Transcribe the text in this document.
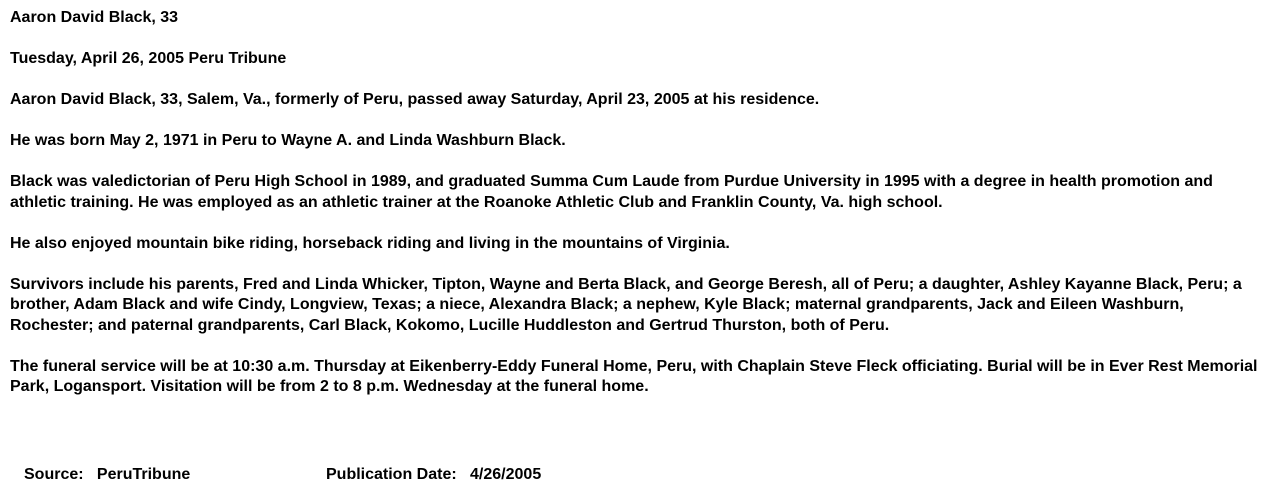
Aaron David Black, 33

Tuesday, April 26, 2005 Peru Tribune

Aaron David Black, 33, Salem, Va., formerly of Peru, passed away Saturday, April 23, 2005 at his residence.

He was born May 2, 1971 in Peru to Wayne A. and Linda Washburn Black.

Black was valedictorian of Peru High School in 1989, and graduated Summa Cum Laude from Purdue University in 1995 with a degree in health promotion and athletic training. He was employed as an athletic trainer at the Roanoke Athletic Club and Franklin County, Va. high school.

He also enjoyed mountain bike riding, horseback riding and living in the mountains of Virginia.

Survivors include his parents, Fred and Linda Whicker, Tipton, Wayne and Berta Black, and George Beresh, all of Peru; a daughter, Ashley Kayanne Black, Peru; a brother, Adam Black and wife Cindy, Longview, Texas; a niece, Alexandra Black; a nephew, Kyle Black; maternal grandparents, Jack and Eileen Washburn, Rochester; and paternal grandparents, Carl Black, Kokomo, Lucille Huddleston and Gertrud Thurston, both of Peru.

The funeral service will be at 10:30 a.m. Thursday at Eikenberry-Eddy Funeral Home, Peru, with Chaplain Steve Fleck officiating. Burial will be in Ever Rest Memorial Park, Logansport. Visitation will be from 2 to 8 p.m. Wednesday at the funeral home.

Source:
PeruTribune	Publication Date:
4/26/2005
